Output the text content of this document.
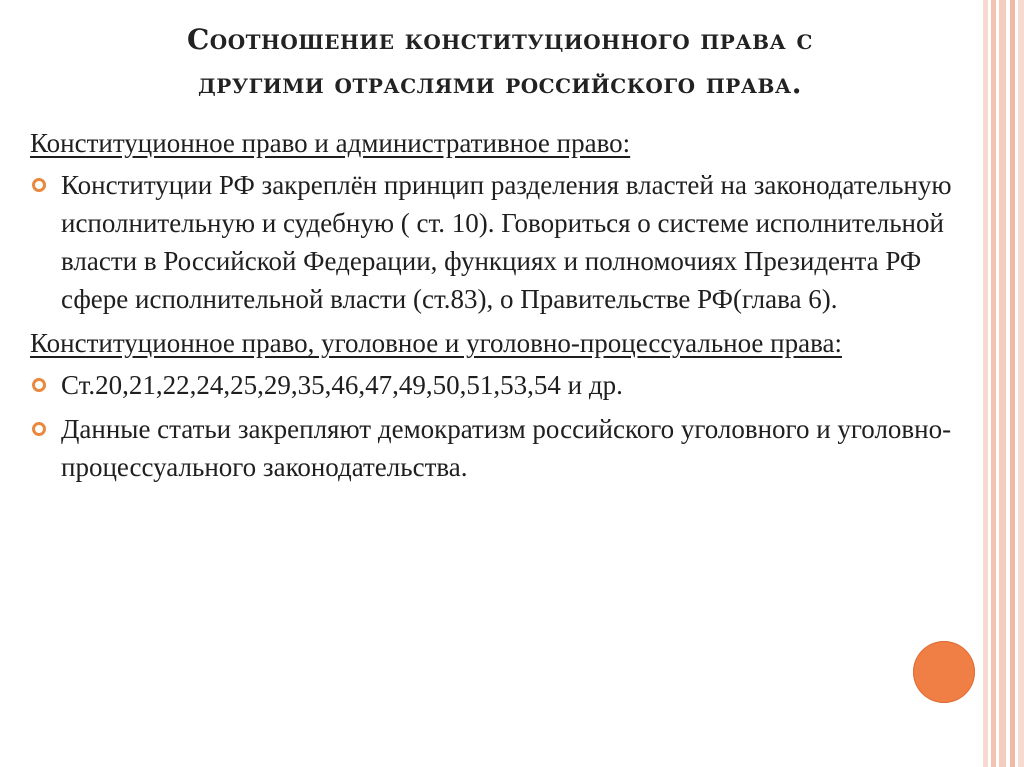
Соотношение конституционного права с
другими отраслями российского права.
Конституционное право и административное право:
Конституции РФ закреплён принцип разделения властей на законодательную исполнительную и судебную ( ст. 10). Говориться о системе исполнительной власти в Российской Федерации, функциях и полномочиях Президента РФ сфере исполнительной власти (ст.83), о Правительстве РФ(глава 6).
Конституционное право, уголовное и уголовно-процессуальное права:
Ст.20,21,22,24,25,29,35,46,47,49,50,51,53,54 и др.
Данные статьи закрепляют демократизм российского уголовного и уголовно- процессуального законодательства.
